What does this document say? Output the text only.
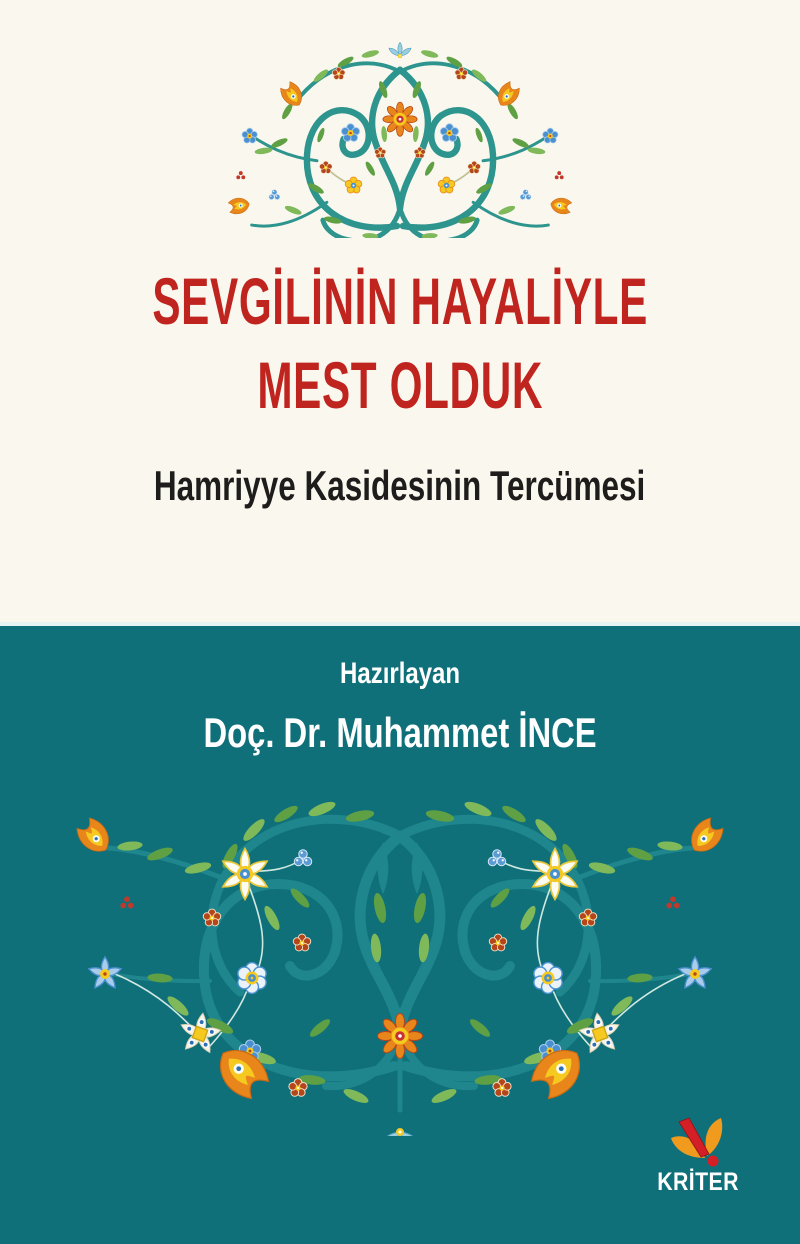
SEVGİLİNİN HAYALİYLE
MEST OLDUK
Hamriyye Kasidesinin Tercümesi
Hazırlayan
Doç. Dr. Muhammet İNCE
KRİTER
